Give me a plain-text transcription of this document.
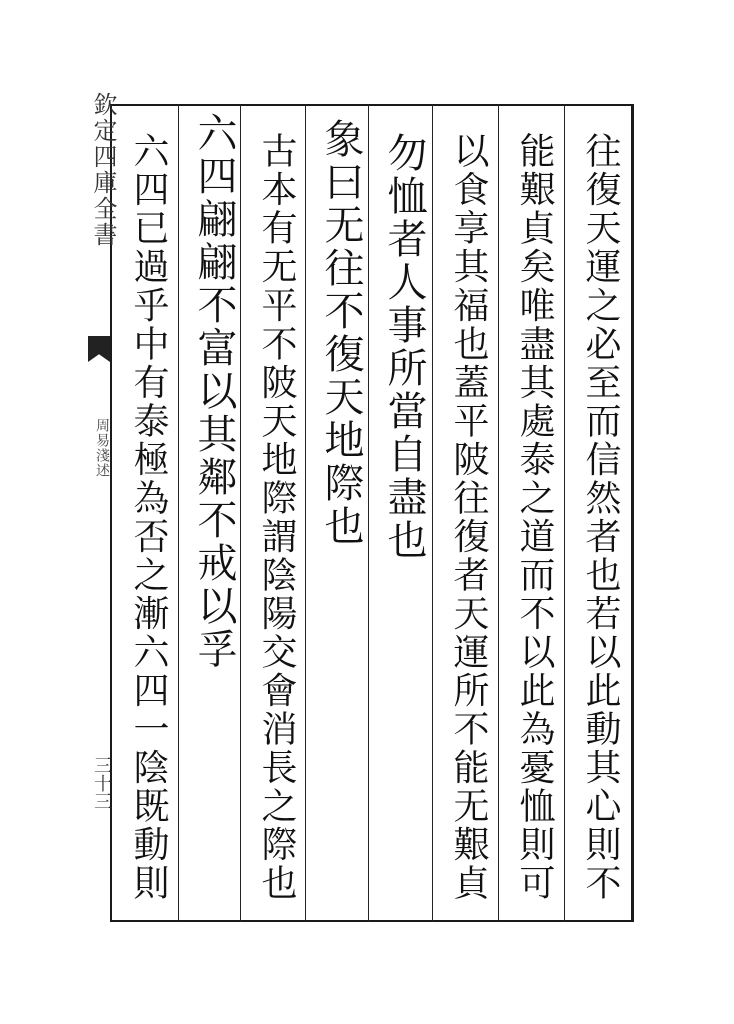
欽定四庫全書
周易淺述
三十三	往復天運之必至而信然者也若以此動其心則不
能艱貞矣唯盡其處泰之道而不以此為憂恤則可
以食享其福也蓋平陂往復者天運所不能无艱貞
勿恤者人事所當自盡也
象曰无往不復天地際也
古本有无平不陂天地際謂陰陽交會消長之際也
六四翩翩不富以其鄰不戒以孚
六四已過乎中有泰極為否之漸六四一陰既動則
